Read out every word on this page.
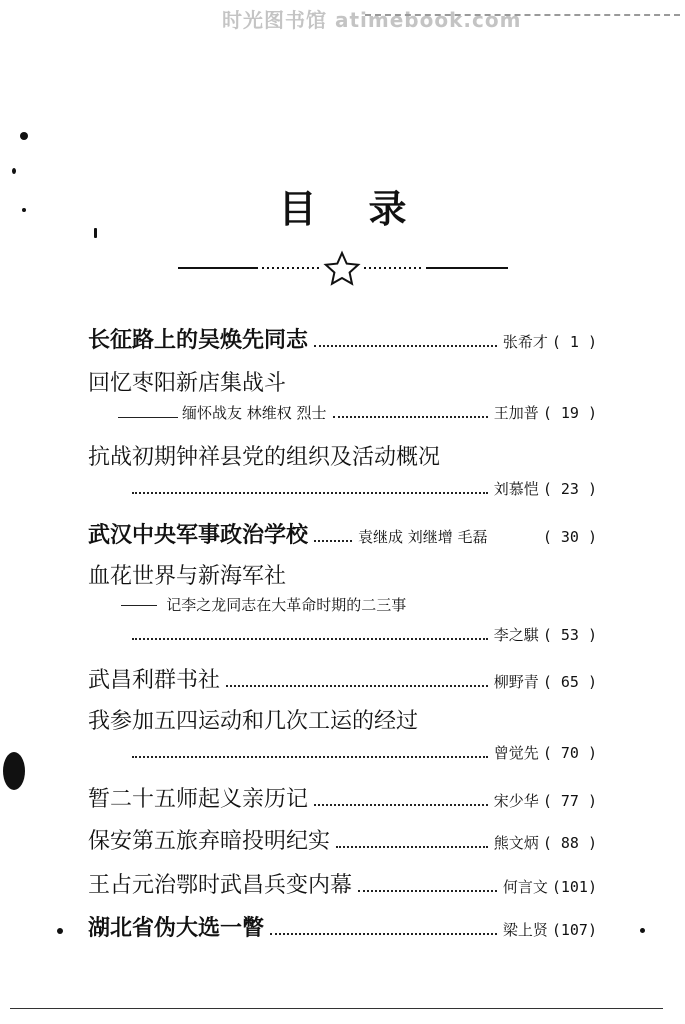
时光图书馆 atimebook.com
目录
长征路上的吴焕先同志	张希才 ( 1 )
回忆枣阳新店集战斗
缅怀战友 林维权 烈士	王加普 ( 19 )
抗战初期钟祥县党的组织及活动概况
刘慕恺 ( 23 )
武汉中央军事政治学校	袁继成 刘继增 毛磊	( 30 )
血花世界与新海军社
记李之龙同志在大革命时期的二三事
李之騏 ( 53 )
武昌利群书社	柳野青 ( 65 )
我参加五四运动和几次工运的经过
曾觉先 ( 70 )
暂二十五师起义亲历记	宋少华 ( 77 )
保安第五旅弃暗投明纪实	熊文炳 ( 88 )
王占元治鄂时武昌兵变内幕	何言文 (101)
湖北省伪大选一瞥	梁上贤 (107)
